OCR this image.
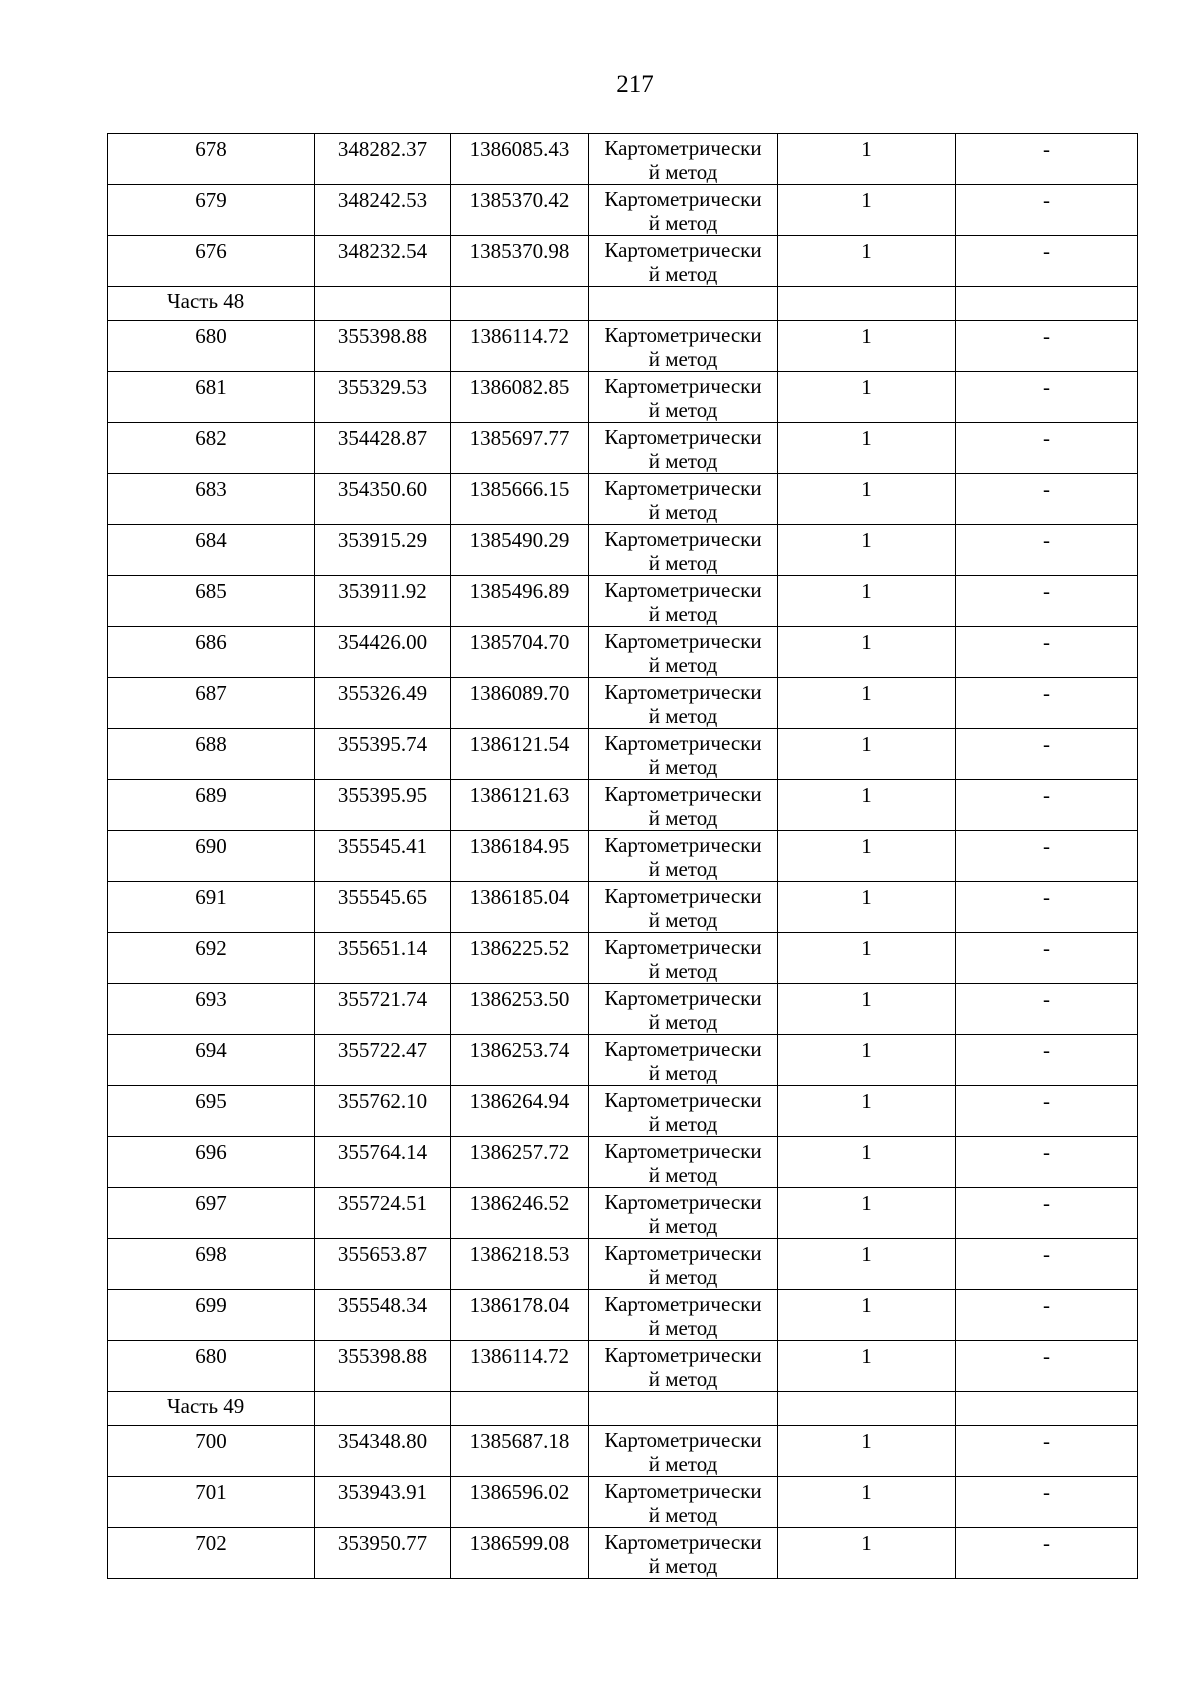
217
678	348282.37	1386085.43	Картометрически
й метод	1	-
679	348242.53	1385370.42	Картометрически
й метод	1	-
676	348232.54	1385370.98	Картометрически
й метод	1	-
Часть 48					
680	355398.88	1386114.72	Картометрически
й метод	1	-
681	355329.53	1386082.85	Картометрически
й метод	1	-
682	354428.87	1385697.77	Картометрически
й метод	1	-
683	354350.60	1385666.15	Картометрически
й метод	1	-
684	353915.29	1385490.29	Картометрически
й метод	1	-
685	353911.92	1385496.89	Картометрически
й метод	1	-
686	354426.00	1385704.70	Картометрически
й метод	1	-
687	355326.49	1386089.70	Картометрически
й метод	1	-
688	355395.74	1386121.54	Картометрически
й метод	1	-
689	355395.95	1386121.63	Картометрически
й метод	1	-
690	355545.41	1386184.95	Картометрически
й метод	1	-
691	355545.65	1386185.04	Картометрически
й метод	1	-
692	355651.14	1386225.52	Картометрически
й метод	1	-
693	355721.74	1386253.50	Картометрически
й метод	1	-
694	355722.47	1386253.74	Картометрически
й метод	1	-
695	355762.10	1386264.94	Картометрически
й метод	1	-
696	355764.14	1386257.72	Картометрически
й метод	1	-
697	355724.51	1386246.52	Картометрически
й метод	1	-
698	355653.87	1386218.53	Картометрически
й метод	1	-
699	355548.34	1386178.04	Картометрически
й метод	1	-
680	355398.88	1386114.72	Картометрически
й метод	1	-
Часть 49					
700	354348.80	1385687.18	Картометрически
й метод	1	-
701	353943.91	1386596.02	Картометрически
й метод	1	-
702	353950.77	1386599.08	Картометрически
й метод	1	-
